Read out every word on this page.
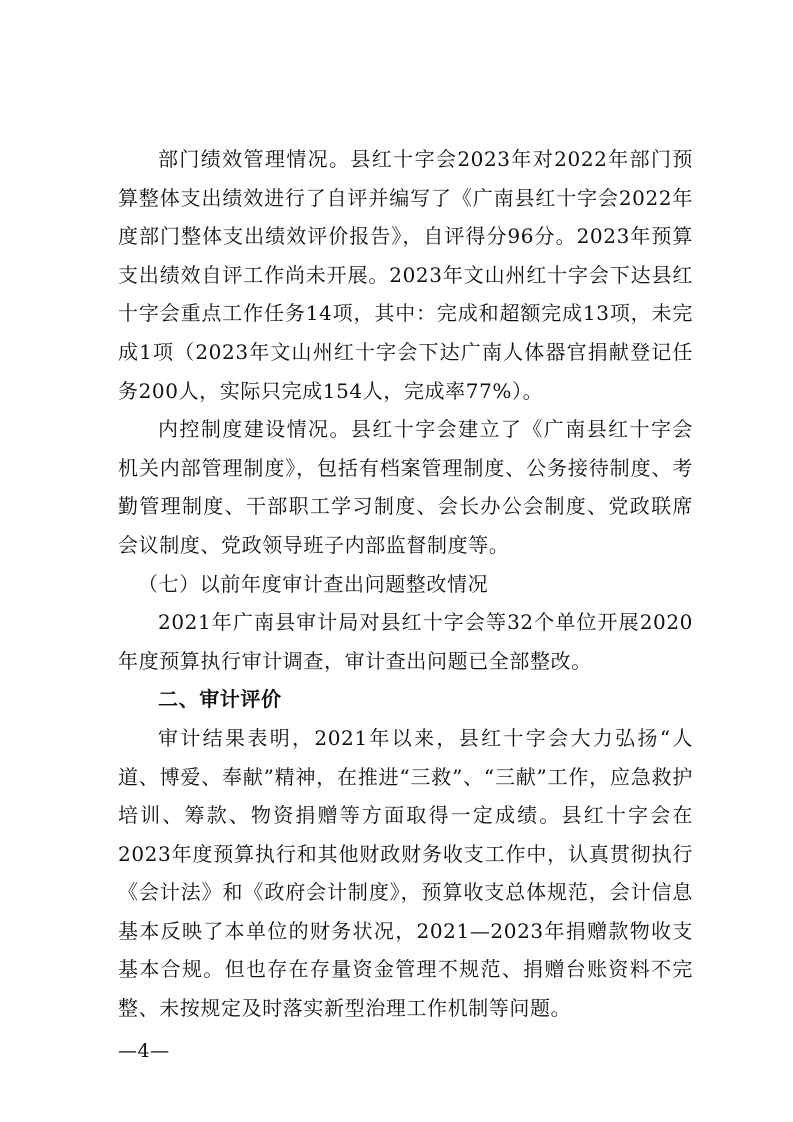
部门绩效管理情况。县红十字会2023年对2022年部门预算整体支出绩效进行了自评并编写了《广南县红十字会2022年度部门整体支出绩效评价报告》，自评得分96分。2023年预算支出绩效自评工作尚未开展。2023年文山州红十字会下达县红十字会重点工作任务14项，其中：完成和超额完成13项，未完成1项（2023年文山州红十字会下达广南人体器官捐献登记任务200人，实际只完成154人，完成率77%）。

内控制度建设情况。县红十字会建立了《广南县红十字会机关内部管理制度》，包括有档案管理制度、公务接待制度、考勤管理制度、干部职工学习制度、会长办公会制度、党政联席会议制度、党政领导班子内部监督制度等。

（七）以前年度审计查出问题整改情况

2021年广南县审计局对县红十字会等32个单位开展2020年度预算执行审计调查，审计查出问题已全部整改。

二、审计评价

审计结果表明，2021年以来，县红十字会大力弘扬“人道、博爱、奉献”精神，在推进“三救”、“三献”工作，应急救护培训、筹款、物资捐赠等方面取得一定成绩。县红十字会在2023年度预算执行和其他财政财务收支工作中，认真贯彻执行《会计法》和《政府会计制度》，预算收支总体规范，会计信息基本反映了本单位的财务状况，2021—2023年捐赠款物收支基本合规。但也存在存量资金管理不规范、捐赠台账资料不完整、未按规定及时落实新型治理工作机制等问题。

—4—
